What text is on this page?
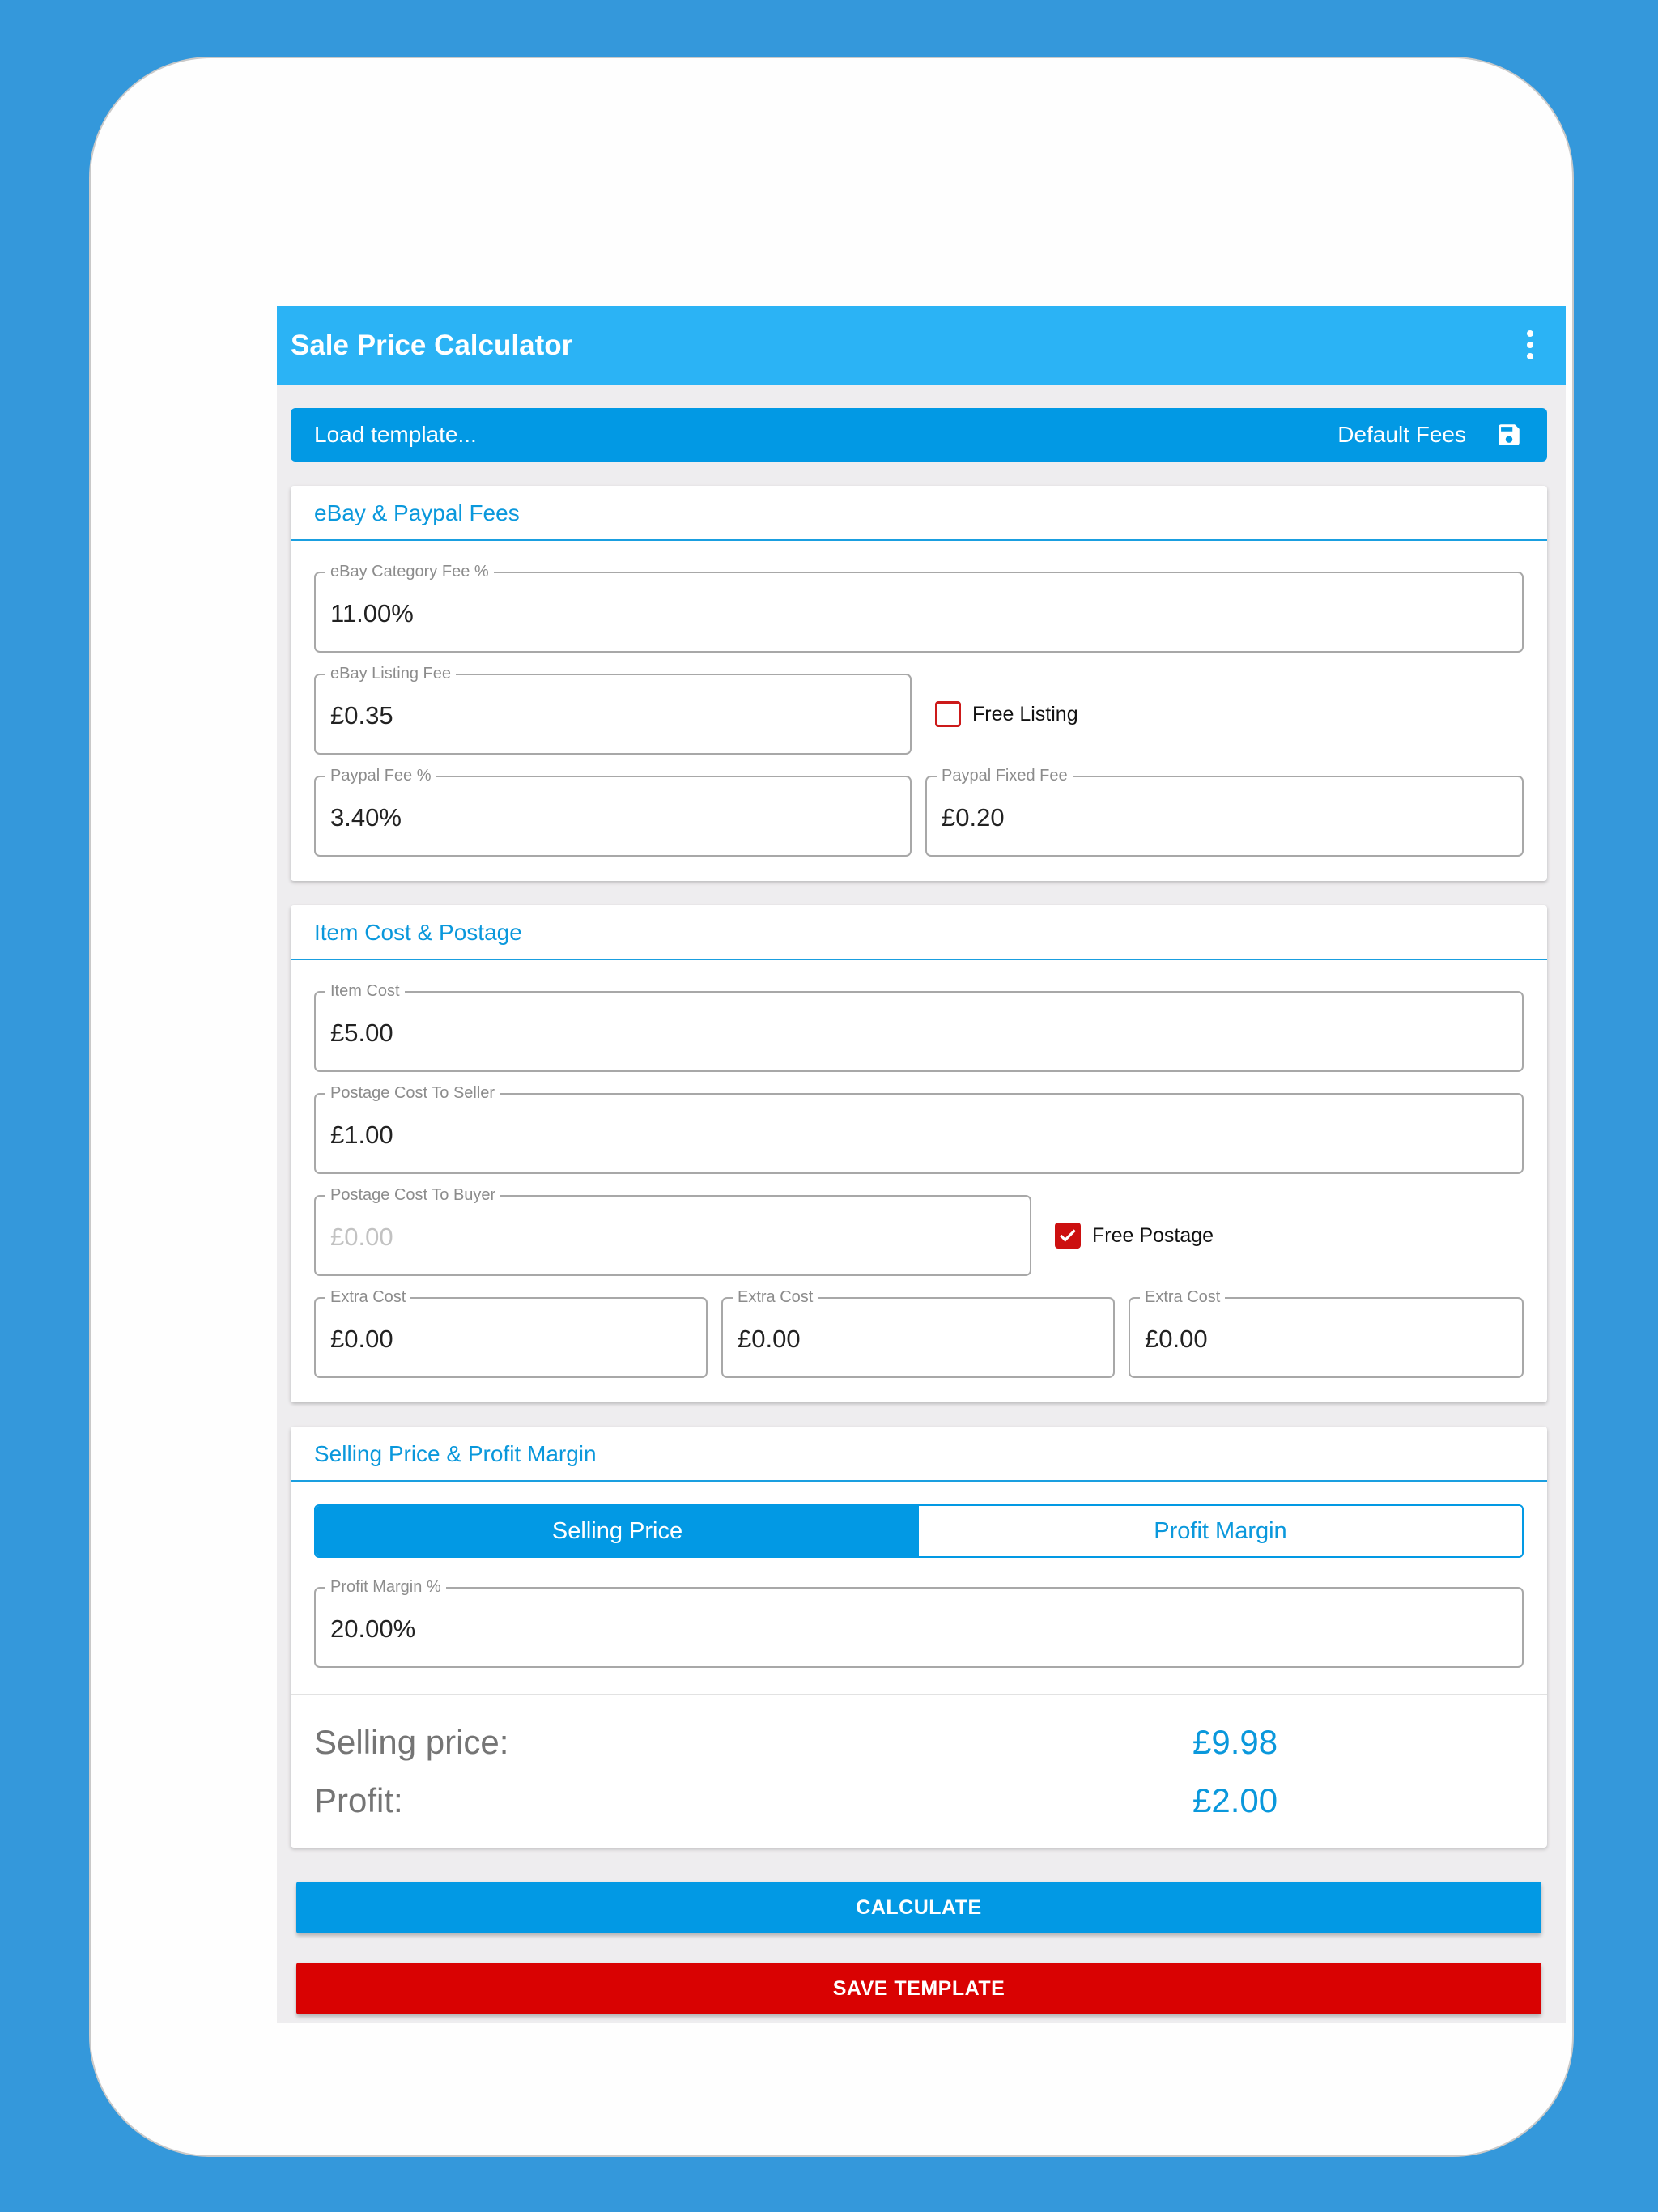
Sale Price Calculator
Load template...	Default Fees
eBay & Paypal Fees
eBay Category Fee %
11.00%
eBay Listing Fee
£0.35	Free Listing
Paypal Fee %
3.40%
Paypal Fixed Fee
£0.20
Item Cost & Postage
Item Cost
£5.00
Postage Cost To Seller
£1.00
Postage Cost To Buyer
£0.00	Free Postage
Extra Cost
£0.00
Extra Cost
£0.00
Extra Cost
£0.00
Selling Price & Profit Margin
Selling Price	Profit Margin
Profit Margin %
20.00%
Selling price:	£9.98
Profit:	£2.00
CALCULATE
SAVE TEMPLATE
